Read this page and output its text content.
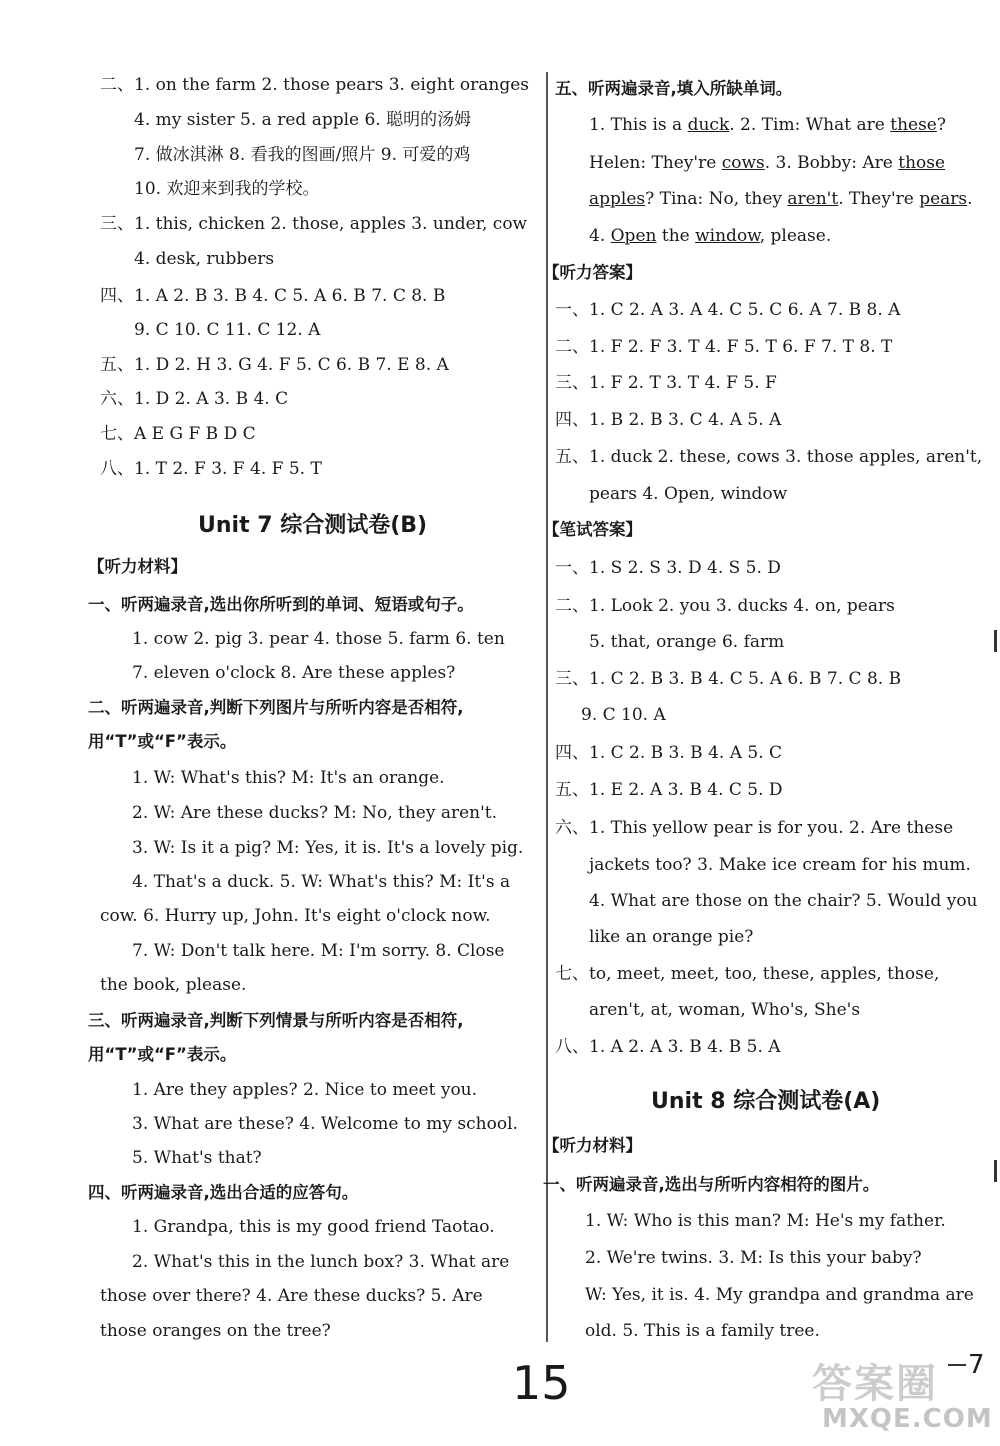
二、1. on the farm 2. those pears 3. eight oranges
4. my sister 5. a red apple 6. 聪明的汤姆
7. 做冰淇淋 8. 看我的图画/照片 9. 可爱的鸡
10. 欢迎来到我的学校。
三、1. this, chicken 2. those, apples 3. under, cow
4. desk, rubbers
四、1. A 2. B 3. B 4. C 5. A 6. B 7. C 8. B
9. C 10. C 11. C 12. A
五、1. D 2. H 3. G 4. F 5. C 6. B 7. E 8. A
六、1. D 2. A 3. B 4. C
七、A E G F B D C
八、1. T 2. F 3. F 4. F 5. T
Unit 7 综合测试卷(B)
【听力材料】
一、听两遍录音,选出你所听到的单词、短语或句子。
1. cow 2. pig 3. pear 4. those 5. farm 6. ten
7. eleven o'clock 8. Are these apples?
二、听两遍录音,判断下列图片与所听内容是否相符,
用“T”或“F”表示。
1. W: What's this? M: It's an orange.
2. W: Are these ducks? M: No, they aren't.
3. W: Is it a pig? M: Yes, it is. It's a lovely pig.
4. That's a duck. 5. W: What's this? M: It's a
cow. 6. Hurry up, John. It's eight o'clock now.
7. W: Don't talk here. M: I'm sorry. 8. Close
the book, please.
三、听两遍录音,判断下列情景与所听内容是否相符,
用“T”或“F”表示。
1. Are they apples? 2. Nice to meet you.
3. What are these? 4. Welcome to my school.
5. What's that?
四、听两遍录音,选出合适的应答句。
1. Grandpa, this is my good friend Taotao.
2. What's this in the lunch box? 3. What are
those over there? 4. Are these ducks? 5. Are
those oranges on the tree?
五、听两遍录音,填入所缺单词。
1. This is a duck. 2. Tim: What are these?
Helen: They're cows. 3. Bobby: Are those
apples? Tina: No, they aren't. They're pears.
4. Open the window, please.
【听力答案】
一、1. C 2. A 3. A 4. C 5. C 6. A 7. B 8. A
二、1. F 2. F 3. T 4. F 5. T 6. F 7. T 8. T
三、1. F 2. T 3. T 4. F 5. F
四、1. B 2. B 3. C 4. A 5. A
五、1. duck 2. these, cows 3. those apples, aren't,
pears 4. Open, window
【笔试答案】
一、1. S 2. S 3. D 4. S 5. D
二、1. Look 2. you 3. ducks 4. on, pears
5. that, orange 6. farm
三、1. C 2. B 3. B 4. C 5. A 6. B 7. C 8. B
9. C 10. A
四、1. C 2. B 3. B 4. A 5. C
五、1. E 2. A 3. B 4. C 5. D
六、1. This yellow pear is for you. 2. Are these
jackets too? 3. Make ice cream for his mum.
4. What are those on the chair? 5. Would you
like an orange pie?
七、to, meet, meet, too, these, apples, those,
aren't, at, woman, Who's, She's
八、1. A 2. A 3. B 4. B 5. A
Unit 8 综合测试卷(A)
【听力材料】
一、听两遍录音,选出与所听内容相符的图片。
1. W: Who is this man? M: He's my father.
2. We're twins. 3. M: Is this your baby?
W: Yes, it is. 4. My grandpa and grandma are
old. 5. This is a family tree.
15	答案圈 7
MXQE.COM
